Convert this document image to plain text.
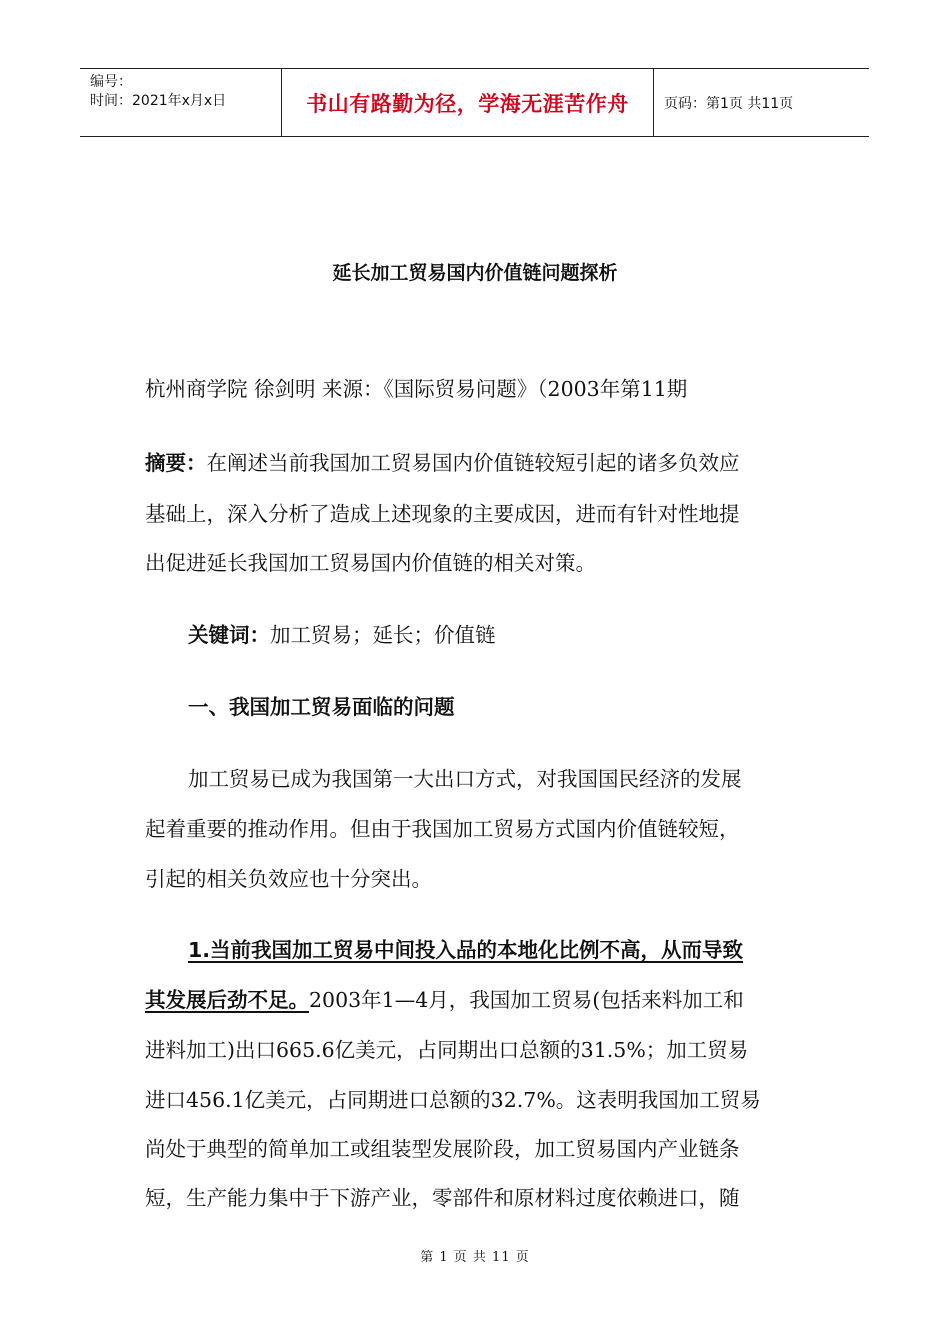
编号：
时间：2021年x月x日	书山有路勤为径，学海无涯苦作舟	页码：第1页 共11页
延长加工贸易国内价值链问题探析
杭州商学院 徐剑明 来源：《国际贸易问题》（2003年第11期
摘要：在阐述当前我国加工贸易国内价值链较短引起的诸多负效应
基础上，深入分析了造成上述现象的主要成因，进而有针对性地提
出促进延长我国加工贸易国内价值链的相关对策。
关键词：加工贸易；延长；价值链
一、我国加工贸易面临的问题
加工贸易已成为我国第一大出口方式，对我国国民经济的发展
起着重要的推动作用。但由于我国加工贸易方式国内价值链较短，
引起的相关负效应也十分突出。
1.当前我国加工贸易中间投入品的本地化比例不高，从而导致
其发展后劲不足。2003年1—4月，我国加工贸易(包括来料加工和
进料加工)出口665.6亿美元，占同期出口总额的31.5%；加工贸易
进口456.1亿美元，占同期进口总额的32.7%。这表明我国加工贸易
尚处于典型的简单加工或组装型发展阶段，加工贸易国内产业链条
短，生产能力集中于下游产业，零部件和原材料过度依赖进口，随
第 1 页 共 11 页
